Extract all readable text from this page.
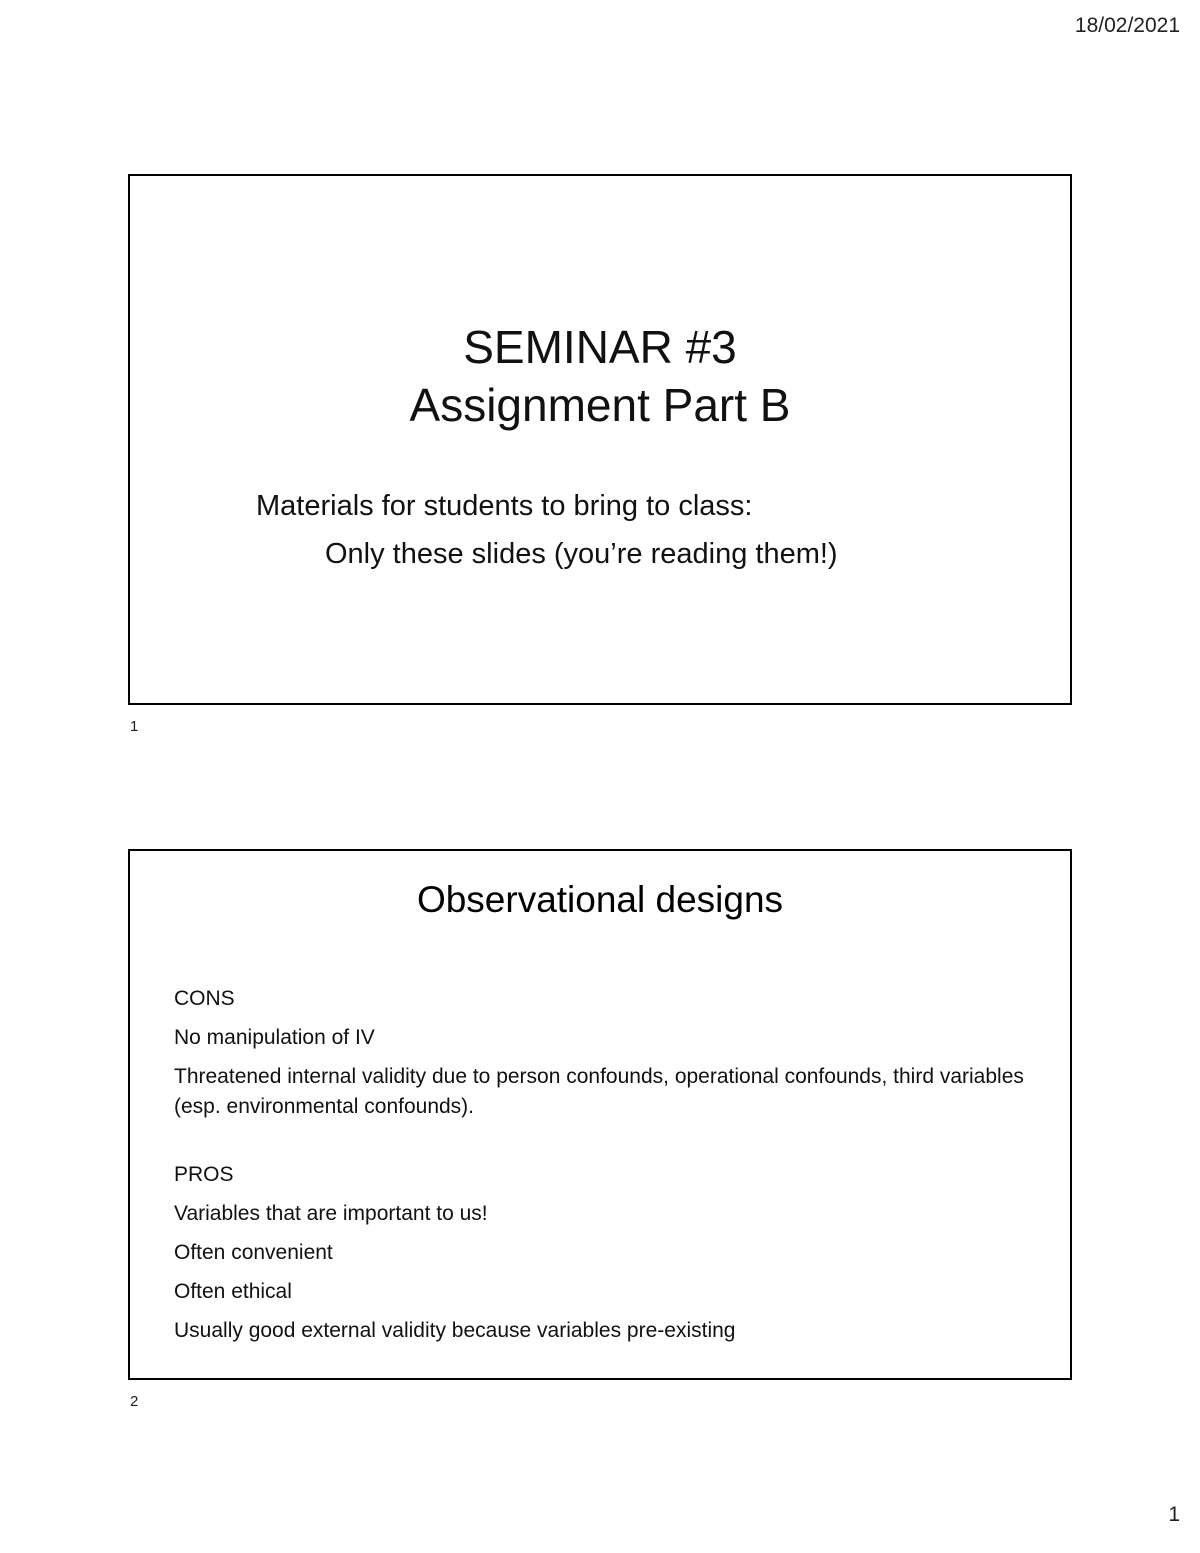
18/02/2021
SEMINAR #3
Assignment Part B
Materials for students to bring to class:
Only these slides (you’re reading them!)
1
Observational designs
CONS
No manipulation of IV
Threatened internal validity due to person confounds, operational confounds, third variables (esp. environmental confounds).
PROS
Variables that are important to us!
Often convenient
Often ethical
Usually good external validity because variables pre-existing
2
1
